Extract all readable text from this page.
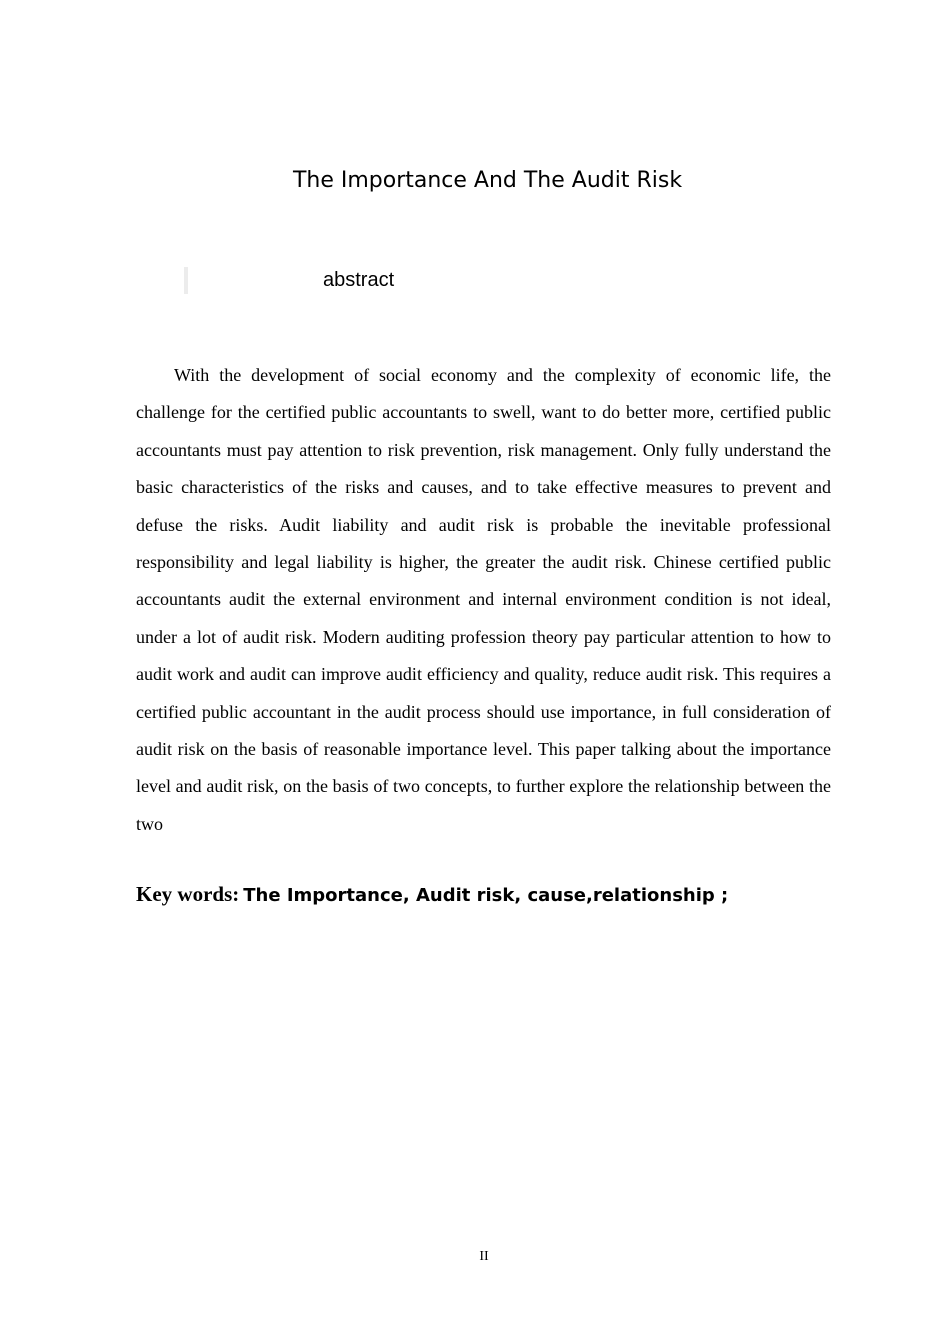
The Importance And The Audit Risk
abstract

With the development of social economy and the complexity of economic life, the challenge for the certified public accountants to swell, want to do better more, certified public accountants must pay attention to risk prevention, risk management. Only fully understand the basic characteristics of the risks and causes, and to take effective measures to prevent and defuse the risks. Audit liability and audit risk is probable the inevitable professional responsibility and legal liability is higher, the greater the audit risk. Chinese certified public accountants audit the external environment and internal environment condition is not ideal, under a lot of audit risk. Modern auditing profession theory pay particular attention to how to audit work and audit can improve audit efficiency and quality, reduce audit risk. This requires a certified public accountant in the audit process should use importance, in full consideration of audit risk on the basis of reasonable importance level. This paper talking about the importance level and audit risk, on the basis of two concepts, to further explore the relationship between the two

Key words: The Importance, Audit risk, cause,relationship ;
II
